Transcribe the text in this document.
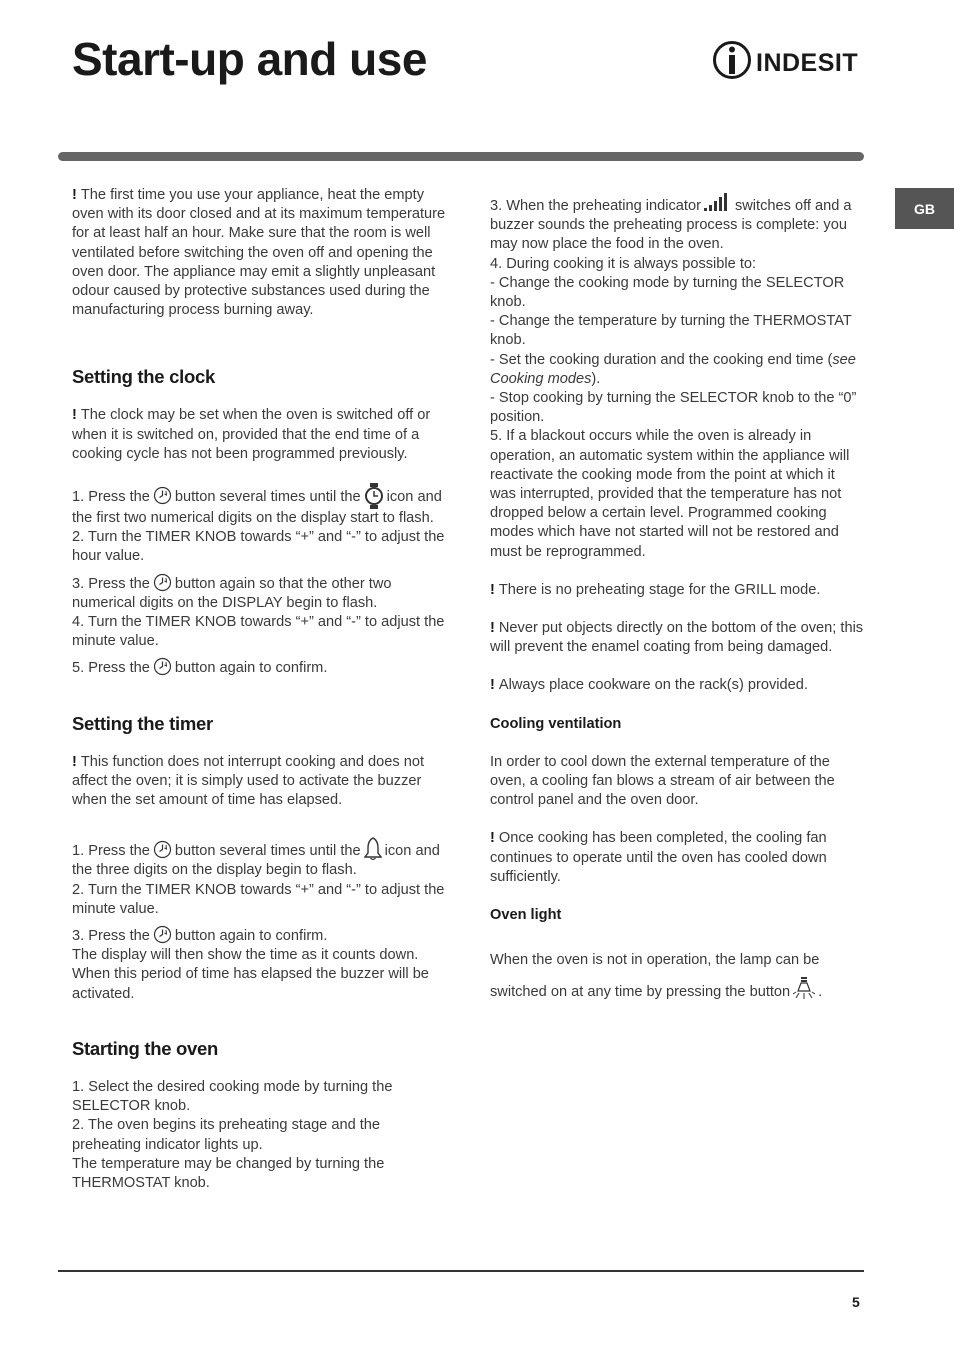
Start-up and use	INDESIT
GB

! The first time you use your appliance, heat the empty oven with its door closed and at its maximum temperature for at least half an hour. Make sure that the room is well ventilated before switching the oven off and opening the oven door. The appliance may emit a slightly unpleasant odour caused by protective substances used during the manufacturing process burning away.

Setting the clock

! The clock may be set when the oven is switched off or when it is switched on, provided that the end time of a cooking cycle has not been programmed previously.

1. Press the button several times until the icon and the first two numerical digits on the display start to flash.

2. Turn the TIMER KNOB towards “+” and “-” to adjust the hour value.

3. Press the button again so that the other two numerical digits on the DISPLAY begin to flash.

4. Turn the TIMER KNOB towards “+” and “-” to adjust the minute value.

5. Press the button again to confirm.

Setting the timer

! This function does not interrupt cooking and does not affect the oven; it is simply used to activate the buzzer when the set amount of time has elapsed.

1. Press the button several times until the icon and the three digits on the display begin to flash.

2. Turn the TIMER KNOB towards “+” and “-” to adjust the minute value.

3. Press the button again to confirm.

The display will then show the time as it counts down. When this period of time has elapsed the buzzer will be activated.

Starting the oven

1. Select the desired cooking mode by turning the SELECTOR knob.

2. The oven begins its preheating stage and the preheating indicator lights up.

The temperature may be changed by turning the THERMOSTAT knob.

3. When the preheating indicator switches off and a buzzer sounds the preheating process is complete: you may now place the food in the oven.

4. During cooking it is always possible to:

- Change the cooking mode by turning the SELECTOR knob.

- Change the temperature by turning the THERMOSTAT knob.

- Set the cooking duration and the cooking end time (see Cooking modes).

- Stop cooking by turning the SELECTOR knob to the “0” position.

5. If a blackout occurs while the oven is already in operation, an automatic system within the appliance will reactivate the cooking mode from the point at which it was interrupted, provided that the temperature has not dropped below a certain level. Programmed cooking modes which have not started will not be restored and must be reprogrammed.

! There is no preheating stage for the GRILL mode.

! Never put objects directly on the bottom of the oven; this will prevent the enamel coating from being damaged.

! Always place cookware on the rack(s) provided.

Cooling ventilation

In order to cool down the external temperature of the oven, a cooling fan blows a stream of air between the control panel and the oven door.

! Once cooking has been completed, the cooling fan continues to operate until the oven has cooled down sufficiently.

Oven light

When the oven is not in operation, the lamp can be switched on at any time by pressing the button .

5
